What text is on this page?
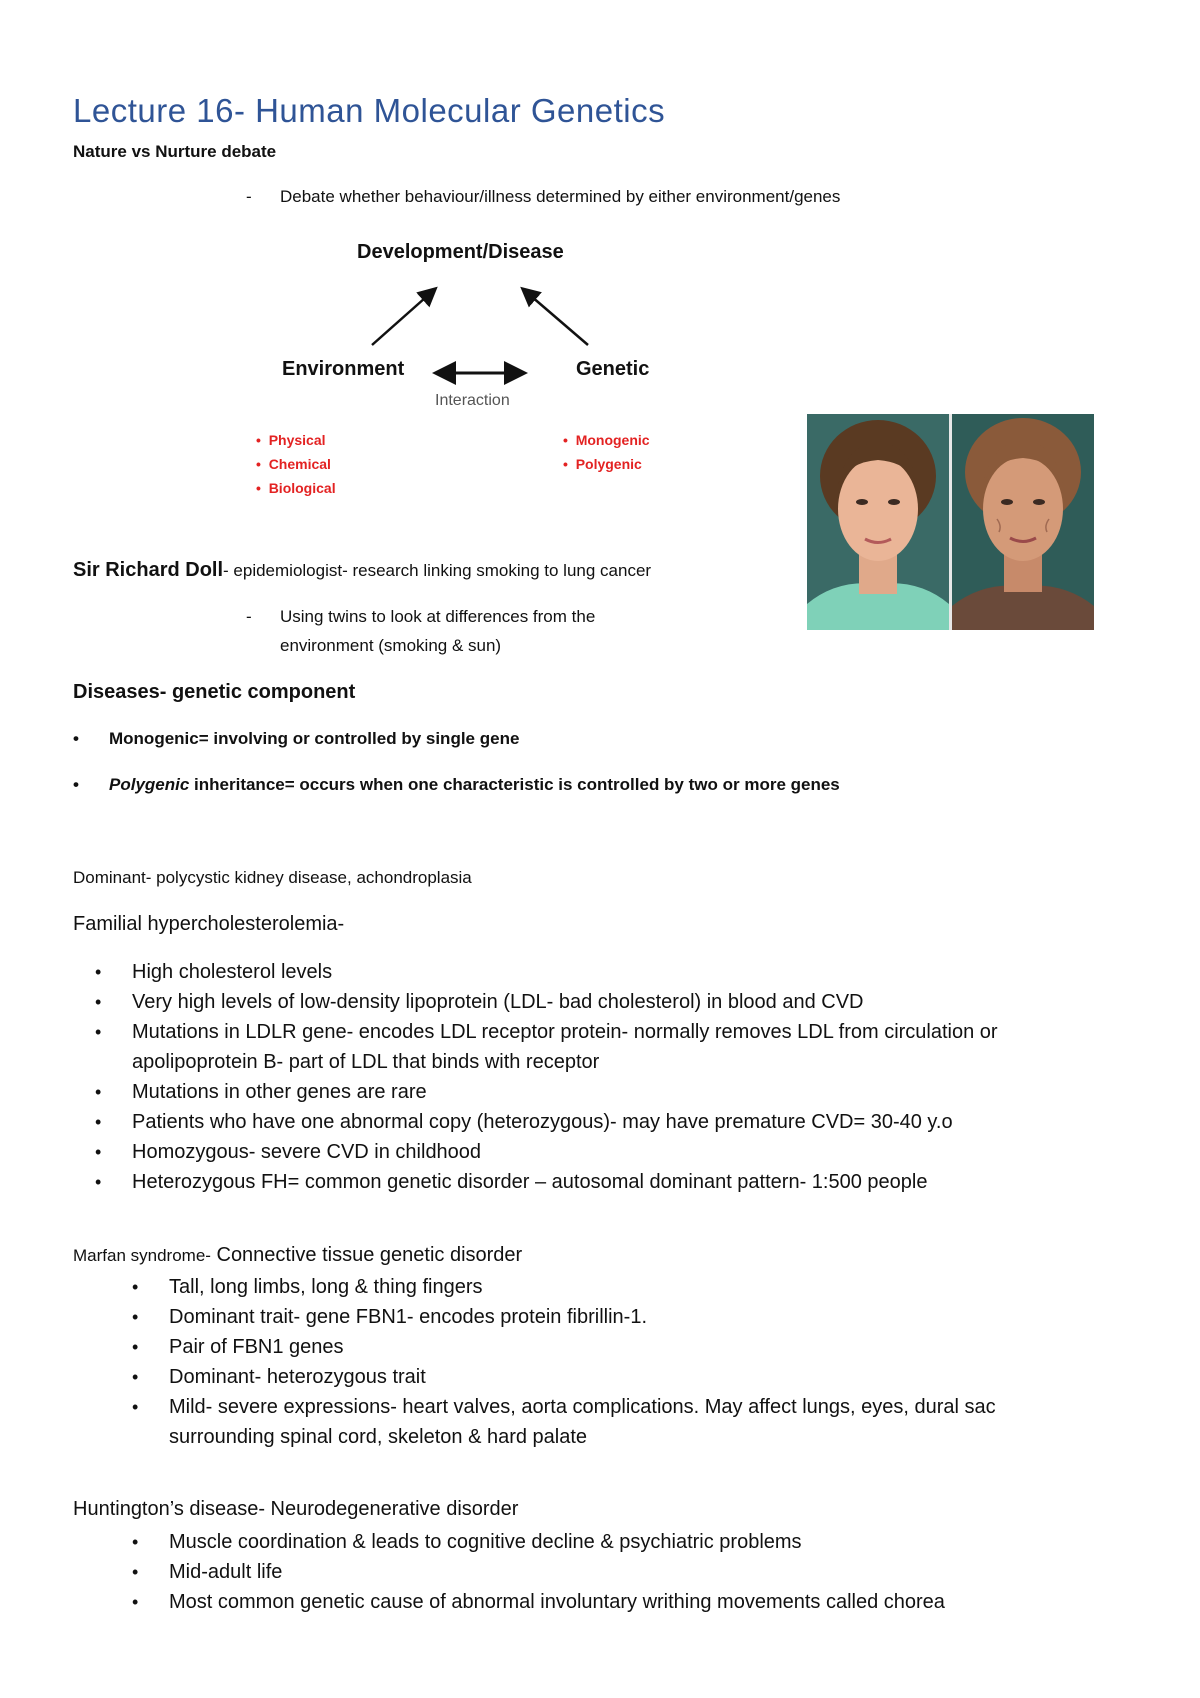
Lecture 16- Human Molecular Genetics
Nature vs Nurture debate
- Debate whether behaviour/illness determined by either environment/genes
Development/Disease
Environment	Genetic
Interaction
•  Physical
•  Chemical
•  Biological
•  Monogenic
•  Polygenic
Sir Richard Doll- epidemiologist- research linking smoking to lung cancer
- Using twins to look at differences from the
environment (smoking & sun)
Diseases- genetic component
• Monogenic= involving or controlled by single gene
• Polygenic inheritance= occurs when one characteristic is controlled by two or more genes
Dominant- polycystic kidney disease, achondroplasia
Familial hypercholesterolemia-
• High cholesterol levels
• Very high levels of low-density lipoprotein (LDL- bad cholesterol) in blood and CVD
• Mutations in LDLR gene- encodes LDL receptor protein- normally removes LDL from circulation or
apolipoprotein B- part of LDL that binds with receptor
• Mutations in other genes are rare
• Patients who have one abnormal copy (heterozygous)- may have premature CVD= 30-40 y.o
• Homozygous- severe CVD in childhood
• Heterozygous FH= common genetic disorder – autosomal dominant pattern- 1:500 people
Marfan syndrome- Connective tissue genetic disorder
• Tall, long limbs, long & thing fingers
• Dominant trait- gene FBN1- encodes protein fibrillin-1.
• Pair of FBN1 genes
• Dominant- heterozygous trait
• Mild- severe expressions- heart valves, aorta complications. May affect lungs, eyes, dural sac
surrounding spinal cord, skeleton & hard palate
Huntington’s disease- Neurodegenerative disorder
• Muscle coordination & leads to cognitive decline & psychiatric problems
• Mid-adult life
• Most common genetic cause of abnormal involuntary writhing movements called chorea
